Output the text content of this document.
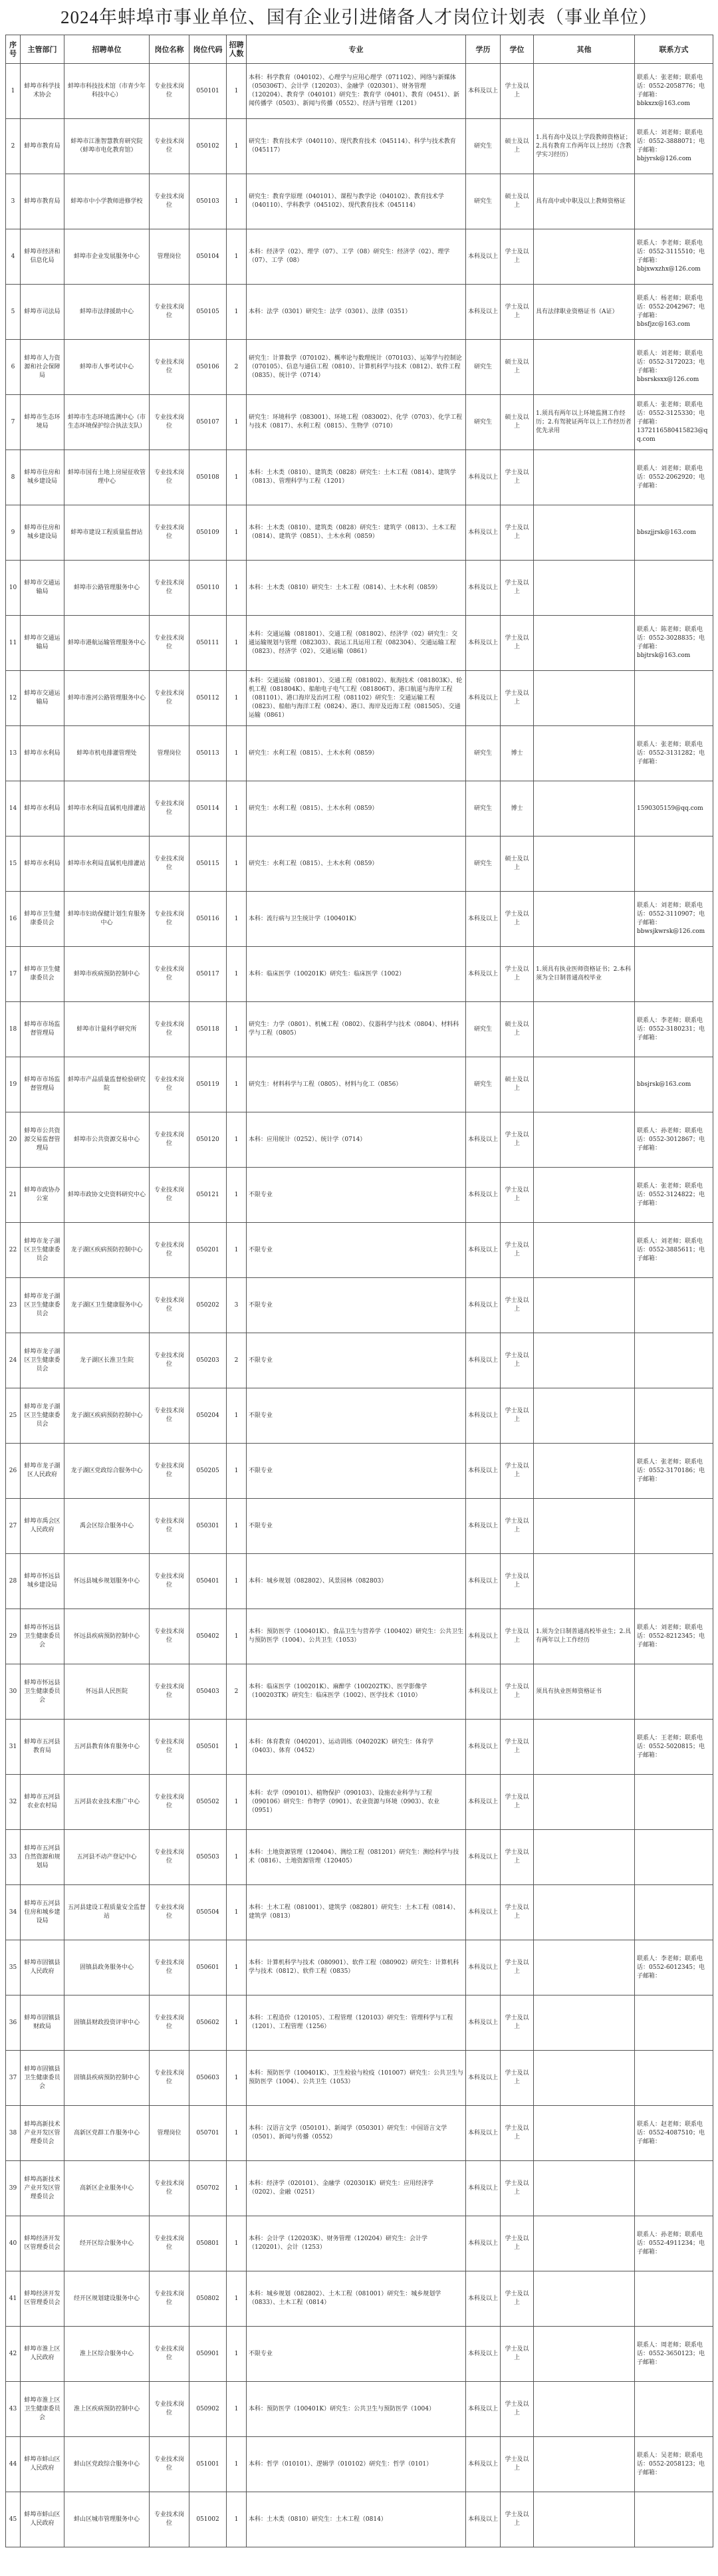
2024年蚌埠市事业单位、国有企业引进储备人才岗位计划表（事业单位）
序号	主管部门	招聘单位	岗位名称	岗位代码	招聘人数	专业	学历	学位	其他	联系方式
1	蚌埠市科学技术协会	蚌埠市科技技术馆（市青少年科技中心）	专业技术岗位	050101	1	本科：科学教育（040102）、心理学与应用心理学（071102）、网络与新媒体（050306T）、会计学（120203）、金融学（020301）、财务管理（120204）、教育学（040101）研究生：教育学（0401）、教育（0451）、新闻传播学（0503）、新闻与传播（0552）、经济与管理（1201）	本科及以上	学士及以上		联系人：张老师；联系电话：0552-2058776；电子邮箱：bbkxzx@163.com
2	蚌埠市教育局	蚌埠市江淮智慧教育研究院（蚌埠市电化教育馆）	专业技术岗位	050102	1	研究生：教育技术学（040110）、现代教育技术（045114）、科学与技术教育（045117）	研究生	硕士及以上	1.具有高中及以上学段教师资格证；2.具有教育工作两年以上经历（含教学实习经历）	联系人：刘老师；联系电话：0552-3888071；电子邮箱：bbjyrsk@126.com
3	蚌埠市教育局	蚌埠市中小学教师进修学校	专业技术岗位	050103	1	研究生：教育学原理（040101）、课程与教学论（040102）、教育技术学（040110）、学科教学（045102）、现代教育技术（045114）	研究生	硕士及以上	具有高中或中职及以上教师资格证	
4	蚌埠市经济和信息化局	蚌埠市企业发展服务中心	管理岗位	050104	1	本科：经济学（02）、理学（07）、工学（08）研究生：经济学（02）、理学（07）、工学（08）	本科及以上	学士及以上		联系人：李老师；联系电话：0552-3115510；电子邮箱：bbjxwxzhx@126.com
5	蚌埠市司法局	蚌埠市法律援助中心	专业技术岗位	050105	1	本科：法学（0301）研究生：法学（0301）、法律（0351）	本科及以上	学士及以上	具有法律职业资格证书（A证）	联系人：杨老师；联系电话：0552-2042967；电子邮箱：bbsfjzc@163.com
6	蚌埠市人力资源和社会保障局	蚌埠市人事考试中心	专业技术岗位	050106	2	研究生：计算数学（070102）、概率论与数理统计（070103）、运筹学与控制论（070105）、信息与通信工程（0810）、计算机科学与技术（0812）、软件工程（0835）、统计学（0714）	研究生	硕士及以上		联系人：刘老师；联系电话：0552-3172023；电子邮箱：bbsrsksxx@126.com
7	蚌埠市生态环境局	蚌埠市生态环境监测中心（市生态环境保护综合执法支队）	专业技术岗位	050107	1	研究生：环境科学（083001）、环境工程（083002）、化学（0703）、化学工程与技术（0817）、水利工程（0815）、生物学（0710）	研究生	硕士及以上	1.须具有两年以上环境监测工作经历；2.有驾驶证两年以上工作经历者优先录用	联系人：张老师；联系电话：0552-3125330；电子邮箱：1372116580415823@qq.com
8	蚌埠市住房和城乡建设局	蚌埠市国有土地上房屋征收管理中心	专业技术岗位	050108	1	本科：土木类（0810）、建筑类（0828）研究生：土木工程（0814）、建筑学（0813）、管理科学与工程（1201）	本科及以上	学士及以上		联系人：刘老师；联系电话：0552-2062920；电子邮箱：
9	蚌埠市住房和城乡建设局	蚌埠市建设工程质量监督站	专业技术岗位	050109	1	本科：土木类（0810）、建筑类（0828）研究生：建筑学（0813）、土木工程（0814）、建筑学（0851）、土木水利（0859）	本科及以上	学士及以上		bbszjjrsk@163.com
10	蚌埠市交通运输局	蚌埠市公路管理服务中心	专业技术岗位	050110	1	本科：土木类（0810）研究生：土木工程（0814）、土木水利（0859）	本科及以上	学士及以上		
11	蚌埠市交通运输局	蚌埠市港航运输管理服务中心	专业技术岗位	050111	1	本科：交通运输（081801）、交通工程（081802）、经济学（02）研究生：交通运输规划与管理（082303）、载运工具运用工程（082304）、交通运输工程（0823）、经济学（02）、交通运输（0861）	本科及以上	学士及以上		联系人：陈老师；联系电话：0552-3028835；电子邮箱：bbjtrsk@163.com
12	蚌埠市交通运输局	蚌埠市淮河公路管理服务中心	专业技术岗位	050112	1	本科：交通运输（081801）、交通工程（081802）、航海技术（081803K）、轮机工程（081804K）、船舶电子电气工程（081806T）、港口航道与海岸工程（081101）、港口海岸及治河工程（081102）研究生：交通运输工程（0823）、船舶与海洋工程（0824）、港口、海岸及近海工程（081505）、交通运输（0861）	本科及以上	学士及以上		
13	蚌埠市水利局	蚌埠市机电排灌管理处	管理岗位	050113	1	研究生：水利工程（0815）、土木水利（0859）	研究生	博士		联系人：张老师；联系电话：0552-3131282；电子邮箱：
14	蚌埠市水利局	蚌埠市水利局直属机电排灌站	专业技术岗位	050114	1	研究生：水利工程（0815）、土木水利（0859）	研究生	博士		1590305159@qq.com
15	蚌埠市水利局	蚌埠市水利局直属机电排灌站	专业技术岗位	050115	1	研究生：水利工程（0815）、土木水利（0859）	研究生	硕士及以上		
16	蚌埠市卫生健康委员会	蚌埠市妇幼保健计划生育服务中心	专业技术岗位	050116	1	本科：流行病与卫生统计学（100401K）	本科及以上	学士及以上		联系人：刘老师；联系电话：0552-3110907；电子邮箱：bbwsjkwrsk@126.com
17	蚌埠市卫生健康委员会	蚌埠市疾病预防控制中心	专业技术岗位	050117	1	本科：临床医学（100201K）研究生：临床医学（1002）	本科及以上	学士及以上	1.须具有执业医师资格证书；2.本科须为全日制普通高校毕业	
18	蚌埠市市场监督管理局	蚌埠市计量科学研究所	专业技术岗位	050118	1	研究生：力学（0801）、机械工程（0802）、仪器科学与技术（0804）、材料科学与工程（0805）	研究生	硕士及以上		联系人：李老师；联系电话：0552-3180231；电子邮箱：
19	蚌埠市市场监督管理局	蚌埠市产品质量监督检验研究院	专业技术岗位	050119	1	研究生：材料科学与工程（0805）、材料与化工（0856）	研究生	硕士及以上		bbsjrsk@163.com
20	蚌埠市公共资源交易监督管理局	蚌埠市公共资源交易中心	专业技术岗位	050120	1	本科：应用统计（0252）、统计学（0714）	本科及以上	学士及以上		联系人：孙老师；联系电话：0552-3012867；电子邮箱：
21	蚌埠市政协办公室	蚌埠市政协文史资料研究中心	专业技术岗位	050121	1	不限专业	本科及以上	学士及以上		联系人：张老师；联系电话：0552-3124822；电子邮箱：
22	蚌埠市龙子湖区卫生健康委员会	龙子湖区疾病预防控制中心	专业技术岗位	050201	1	不限专业	本科及以上	学士及以上		联系人：刘老师；联系电话：0552-3885611；电子邮箱：
23	蚌埠市龙子湖区卫生健康委员会	龙子湖区卫生健康服务中心	专业技术岗位	050202	3	不限专业	本科及以上	学士及以上		
24	蚌埠市龙子湖区卫生健康委员会	龙子湖区长淮卫生院	专业技术岗位	050203	2	不限专业	本科及以上	学士及以上		
25	蚌埠市龙子湖区卫生健康委员会	龙子湖区疾病预防控制中心	专业技术岗位	050204	1	不限专业	本科及以上	学士及以上		
26	蚌埠市龙子湖区人民政府	龙子湖区党政综合服务中心	专业技术岗位	050205	1	不限专业	本科及以上	学士及以上		联系人：张老师；联系电话：0552-3170186；电子邮箱：
27	蚌埠市禹会区人民政府	禹会区综合服务中心	专业技术岗位	050301	1	不限专业	本科及以上	学士及以上		
28	蚌埠市怀远县城乡建设局	怀远县城乡规划服务中心	专业技术岗位	050401	1	本科：城乡规划（082802）、风景园林（082803）	本科及以上	学士及以上		
29	蚌埠市怀远县卫生健康委员会	怀远县疾病预防控制中心	专业技术岗位	050402	1	本科：预防医学（100401K）、食品卫生与营养学（100402）研究生：公共卫生与预防医学（1004）、公共卫生（1053）	本科及以上	学士及以上	1.须为全日制普通高校毕业生；2.具有两年以上工作经历	联系人：刘老师；联系电话：0552-8212345；电子邮箱：
30	蚌埠市怀远县卫生健康委员会	怀远县人民医院	专业技术岗位	050403	2	本科：临床医学（100201K）、麻醉学（100202TK）、医学影像学（100203TK）研究生：临床医学（1002）、医学技术（1010）	本科及以上	学士及以上	须具有执业医师资格证书	
31	蚌埠市五河县教育局	五河县教育体育服务中心	专业技术岗位	050501	1	本科：体育教育（040201）、运动训练（040202K）研究生：体育学（0403）、体育（0452）	本科及以上	学士及以上		联系人：王老师；联系电话：0552-5020815；电子邮箱：
32	蚌埠市五河县农业农村局	五河县农业技术推广中心	专业技术岗位	050502	1	本科：农学（090101）、植物保护（090103）、设施农业科学与工程（090106）研究生：作物学（0901）、农业资源与环境（0903）、农业（0951）	本科及以上	学士及以上		
33	蚌埠市五河县自然资源和规划局	五河县不动产登记中心	专业技术岗位	050503	1	本科：土地资源管理（120404）、测绘工程（081201）研究生：测绘科学与技术（0816）、土地资源管理（120405）	本科及以上	学士及以上		
34	蚌埠市五河县住房和城乡建设局	五河县建设工程质量安全监督站	专业技术岗位	050504	1	本科：土木工程（081001）、建筑学（082801）研究生：土木工程（0814）、建筑学（0813）	本科及以上	学士及以上		
35	蚌埠市固镇县人民政府	固镇县政务服务中心	专业技术岗位	050601	1	本科：计算机科学与技术（080901）、软件工程（080902）研究生：计算机科学与技术（0812）、软件工程（0835）	本科及以上	学士及以上		联系人：李老师；联系电话：0552-6012345；电子邮箱：
36	蚌埠市固镇县财政局	固镇县财政投资评审中心	专业技术岗位	050602	1	本科：工程造价（120105）、工程管理（120103）研究生：管理科学与工程（1201）、工程管理（1256）	本科及以上	学士及以上		
37	蚌埠市固镇县卫生健康委员会	固镇县疾病预防控制中心	专业技术岗位	050603	1	本科：预防医学（100401K）、卫生检验与检疫（101007）研究生：公共卫生与预防医学（1004）、公共卫生（1053）	本科及以上	学士及以上		
38	蚌埠高新技术产业开发区管理委员会	高新区党群工作服务中心	管理岗位	050701	1	本科：汉语言文学（050101）、新闻学（050301）研究生：中国语言文学（0501）、新闻与传播（0552）	本科及以上	学士及以上		联系人：赵老师；联系电话：0552-4087510；电子邮箱：
39	蚌埠高新技术产业开发区管理委员会	高新区企业服务中心	专业技术岗位	050702	1	本科：经济学（020101）、金融学（020301K）研究生：应用经济学（0202）、金融（0251）	本科及以上	学士及以上		
40	蚌埠经济开发区管理委员会	经开区综合服务中心	专业技术岗位	050801	1	本科：会计学（120203K）、财务管理（120204）研究生：会计学（120201）、会计（1253）	本科及以上	学士及以上		联系人：孙老师；联系电话：0552-4911234；电子邮箱：
41	蚌埠经济开发区管理委员会	经开区规划建设服务中心	专业技术岗位	050802	1	本科：城乡规划（082802）、土木工程（081001）研究生：城乡规划学（0833）、土木工程（0814）	本科及以上	学士及以上		
42	蚌埠市淮上区人民政府	淮上区综合服务中心	专业技术岗位	050901	1	不限专业	本科及以上	学士及以上		联系人：周老师；联系电话：0552-3650123；电子邮箱：
43	蚌埠市淮上区卫生健康委员会	淮上区疾病预防控制中心	专业技术岗位	050902	1	本科：预防医学（100401K）研究生：公共卫生与预防医学（1004）	本科及以上	学士及以上		
44	蚌埠市蚌山区人民政府	蚌山区党政综合服务中心	专业技术岗位	051001	1	本科：哲学（010101）、逻辑学（010102）研究生：哲学（0101）	本科及以上	学士及以上		联系人：吴老师；联系电话：0552-2058123；电子邮箱：
45	蚌埠市蚌山区人民政府	蚌山区城市管理服务中心	专业技术岗位	051002	1	本科：土木类（0810）研究生：土木工程（0814）	本科及以上	学士及以上		
